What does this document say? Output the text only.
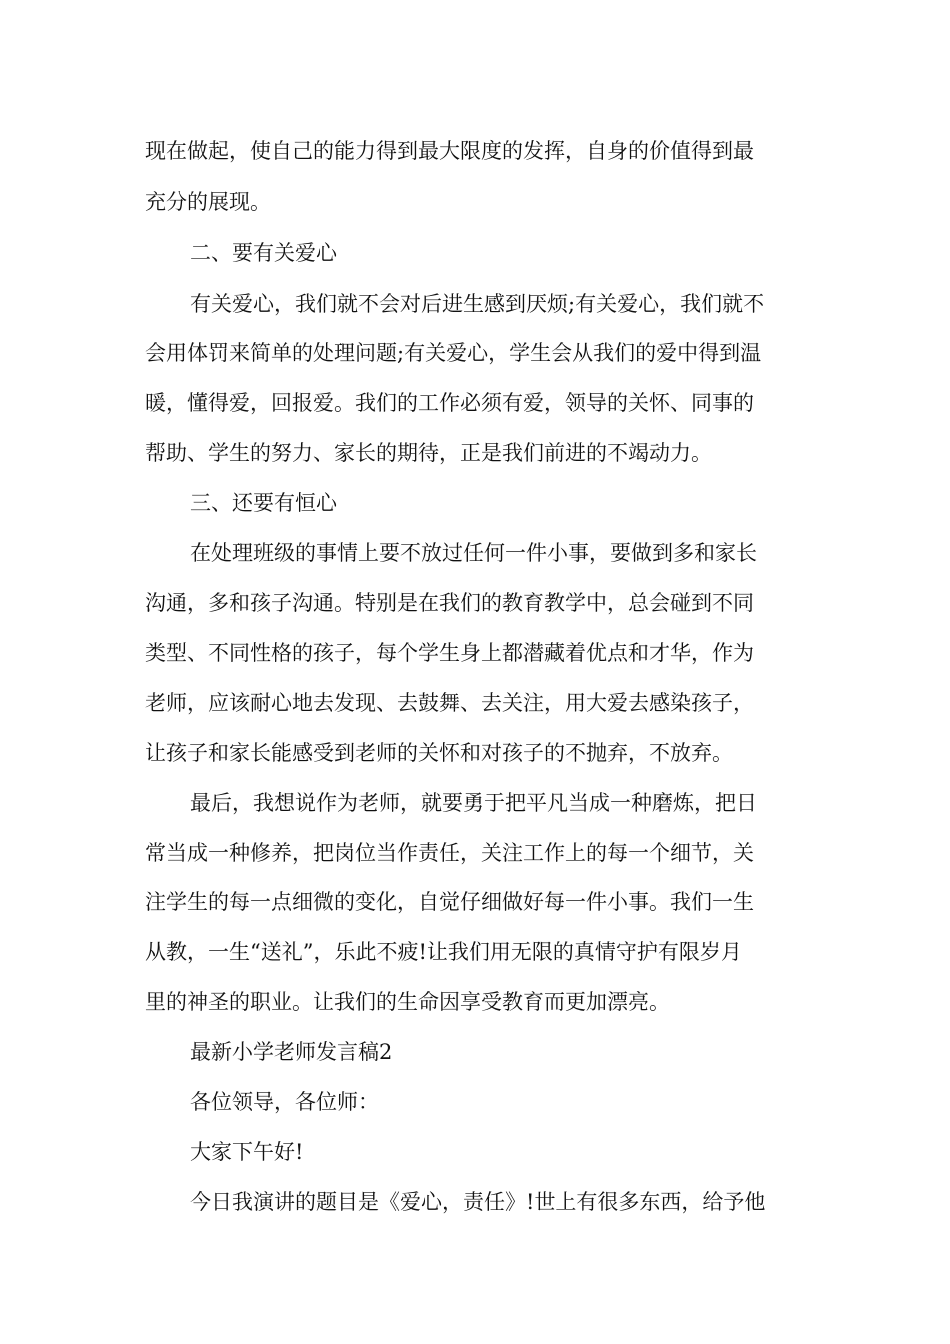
现在做起，使自己的能力得到最大限度的发挥，自身的价值得到最
充分的展现。
二、要有关爱心
有关爱心，我们就不会对后进生感到厌烦;有关爱心，我们就不
会用体罚来简单的处理问题;有关爱心，学生会从我们的爱中得到温
暖，懂得爱，回报爱。我们的工作必须有爱，领导的关怀、同事的
帮助、学生的努力、家长的期待，正是我们前进的不竭动力。
三、还要有恒心
在处理班级的事情上要不放过任何一件小事，要做到多和家长
沟通，多和孩子沟通。特别是在我们的教育教学中，总会碰到不同
类型、不同性格的孩子，每个学生身上都潜藏着优点和才华，作为
老师，应该耐心地去发现、去鼓舞、去关注，用大爱去感染孩子，
让孩子和家长能感受到老师的关怀和对孩子的不抛弃，不放弃。
最后，我想说作为老师，就要勇于把平凡当成一种磨炼，把日
常当成一种修养，把岗位当作责任，关注工作上的每一个细节，关
注学生的每一点细微的变化，自觉仔细做好每一件小事。我们一生
从教，一生“送礼”，乐此不疲!让我们用无限的真情守护有限岁月
里的神圣的职业。让我们的生命因享受教育而更加漂亮。
最新小学老师发言稿2
各位领导，各位师：
大家下午好!
今日我演讲的题目是《爱心，责任》!世上有很多东西，给予他
